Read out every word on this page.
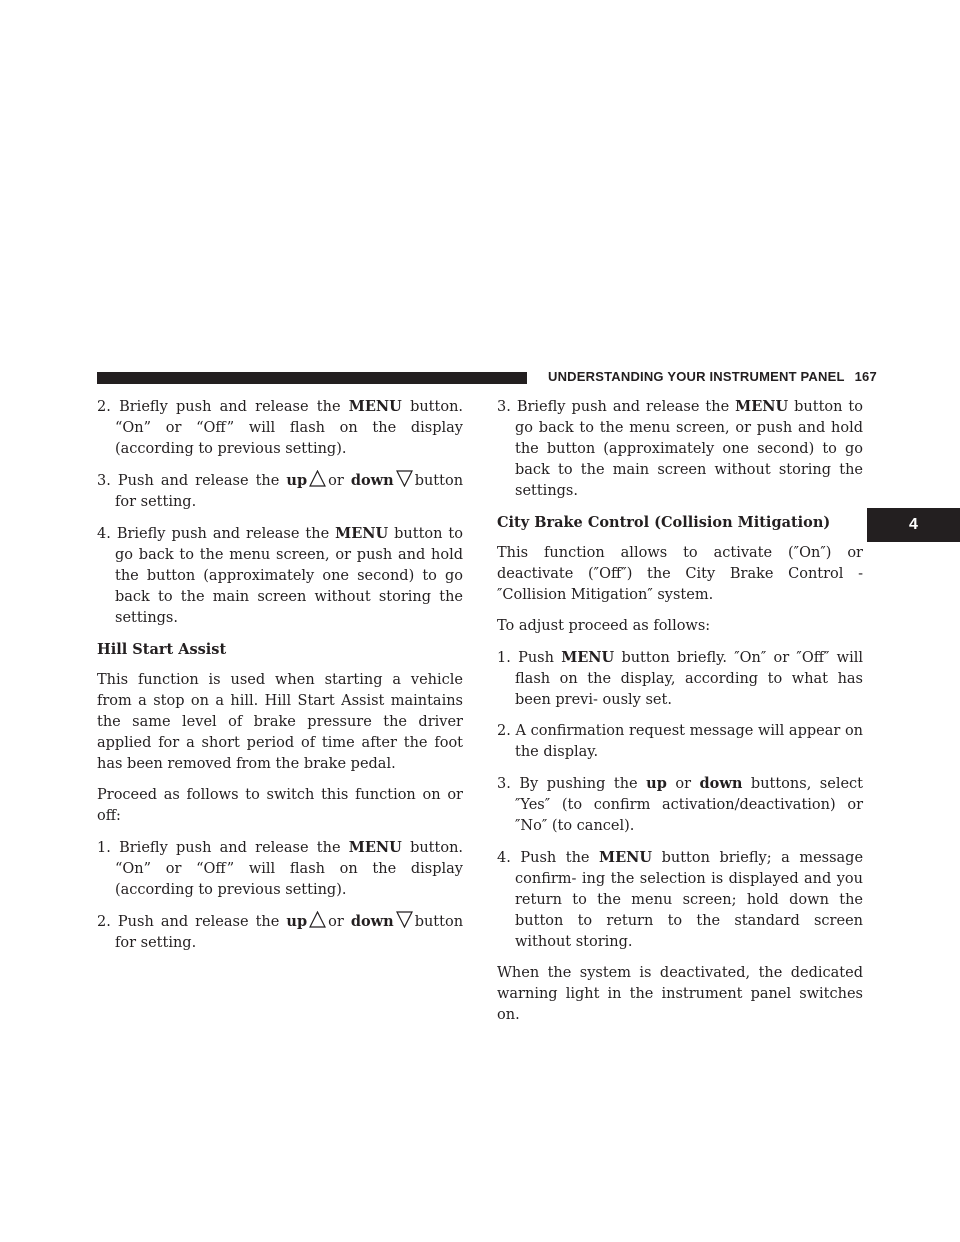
UNDERSTANDING YOUR INSTRUMENT PANEL 167
4

2. Briefly push and release the MENU button. “On” or “Off” will flash on the display (according to previous setting).

3. Push and release the up or down button for setting.

4. Briefly push and release the MENU button to go back to the menu screen, or push and hold the button (approximately one second) to go back to the main screen without storing the settings.

Hill Start Assist

This function is used when starting a vehicle from a stop on a hill. Hill Start Assist maintains the same level of brake pressure the driver applied for a short period of time after the foot has been removed from the brake pedal.

Proceed as follows to switch this function on or off:

1. Briefly push and release the MENU button. “On” or “Off” will flash on the display (according to previous setting).

2. Push and release the up or down button for setting.

3. Briefly push and release the MENU button to go back to the menu screen, or push and hold the button (approximately one second) to go back to the main screen without storing the settings.

City Brake Control (Collision Mitigation)

This function allows to activate (″On″) or deactivate (″Off″) the City Brake Control - ″Collision Mitigation″ system.

To adjust proceed as follows:

1. Push MENU button briefly. ″On″ or ″Off″ will flash on the display, according to what has been previ- ously set.

2. A confirmation request message will appear on the display.

3. By pushing the up or down buttons, select ″Yes″ (to confirm activation/deactivation) or ″No″ (to cancel).

4. Push the MENU button briefly; a message confirm- ing the selection is displayed and you return to the menu screen; hold down the button to return to the standard screen without storing.

When the system is deactivated, the dedicated warning light in the instrument panel switches on.
